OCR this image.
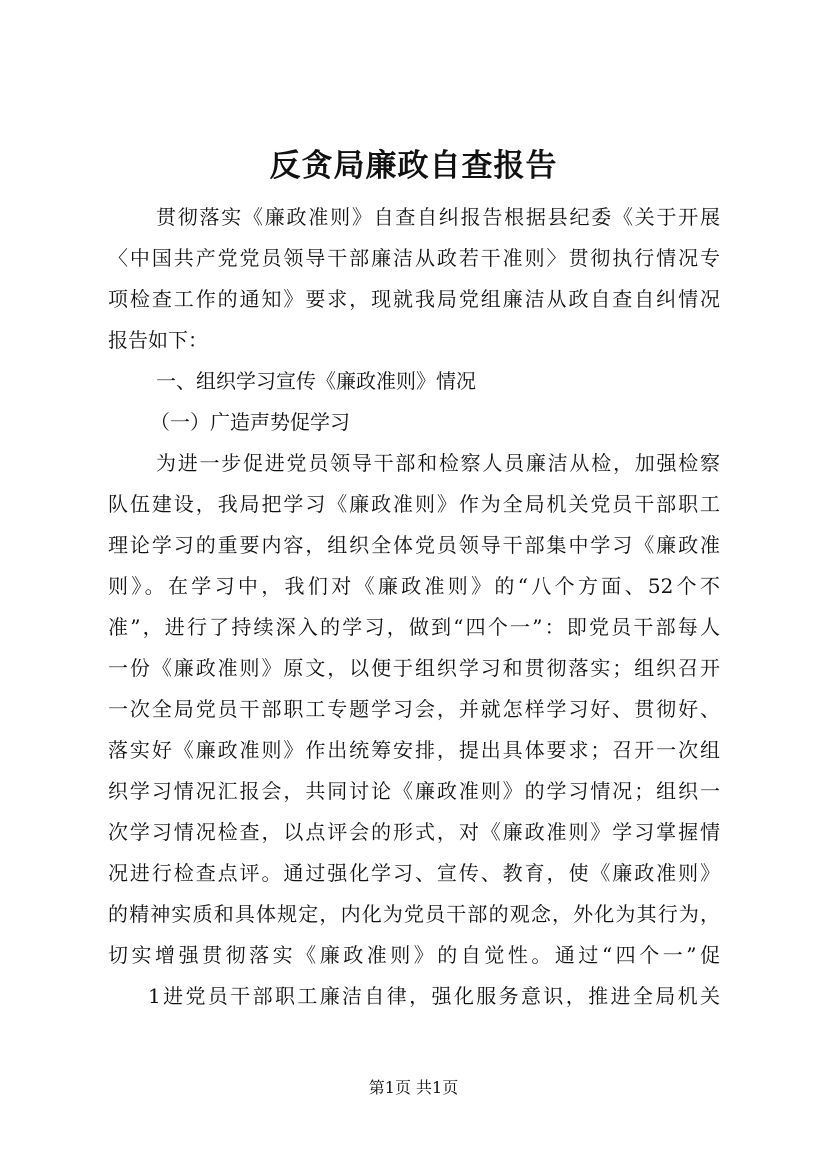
反贪局廉政自查报告
贯彻落实《廉政准则》自查自纠报告根据县纪委《关于开展
〈中国共产党党员领导干部廉洁从政若干准则〉贯彻执行情况专
项检查工作的通知》要求，现就我局党组廉洁从政自查自纠情况
报告如下：
一、组织学习宣传《廉政准则》情况
（一）广造声势促学习
为进一步促进党员领导干部和检察人员廉洁从检，加强检察
队伍建设，我局把学习《廉政准则》作为全局机关党员干部职工
理论学习的重要内容，组织全体党员领导干部集中学习《廉政准
则》。在学习中，我们对《廉政准则》的“八个方面、52个不
准”，进行了持续深入的学习，做到“四个一”：即党员干部每人
一份《廉政准则》原文，以便于组织学习和贯彻落实；组织召开
一次全局党员干部职工专题学习会，并就怎样学习好、贯彻好、
落实好《廉政准则》作出统筹安排，提出具体要求；召开一次组
织学习情况汇报会，共同讨论《廉政准则》的学习情况；组织一
次学习情况检查，以点评会的形式，对《廉政准则》学习掌握情
况进行检查点评。通过强化学习、宣传、教育，使《廉政准则》
的精神实质和具体规定，内化为党员干部的观念，外化为其行为，
切实增强贯彻落实《廉政准则》的自觉性。通过“四个一”促
1进党员干部职工廉洁自律，强化服务意识，推进全局机关
第1页 共1页
